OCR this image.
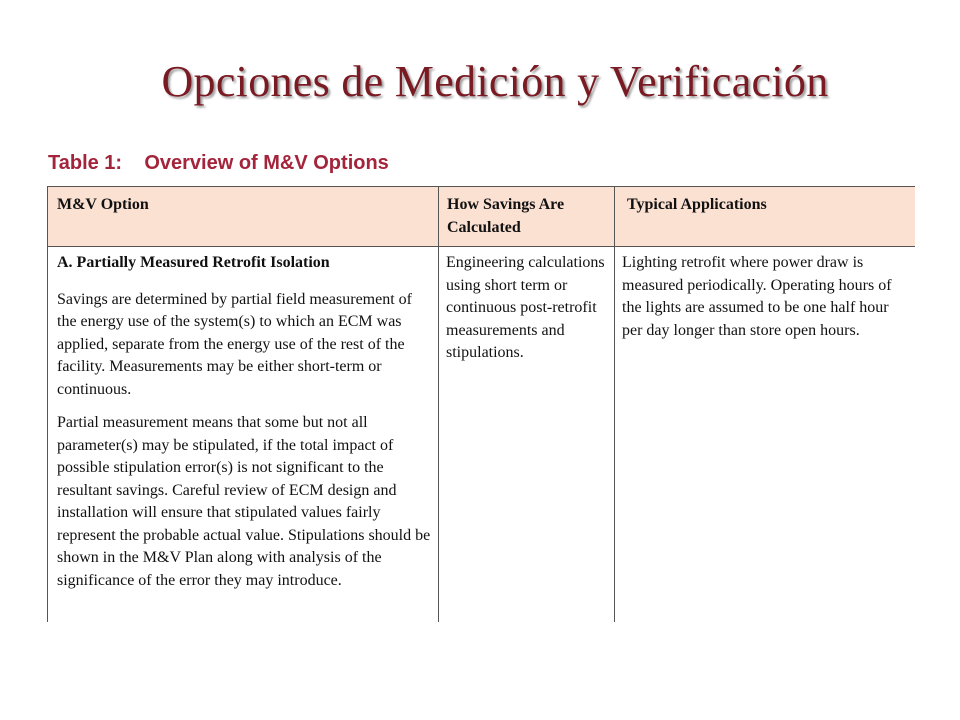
Opciones de Medición y Verificación
Table 1:    Overview of M&V Options
M&V Option	How Savings Are Calculated	Typical Applications

A. Partially Measured Retrofit Isolation
Savings are determined by partial field measurement of the energy use of the system(s) to which an ECM was applied, separate from the energy use of the rest of the facility. Measurements may be either short-term or continuous.
Partial measurement means that some but not all parameter(s) may be stipulated, if the total impact of possible stipulation error(s) is not significant to the resultant savings. Careful review of ECM design and installation will ensure that stipulated values fairly represent the probable actual value. Stipulations should be shown in the M&V Plan along with analysis of the significance of the error they may introduce.	Engineering calculations using short term or continuous post-retrofit measurements and stipulations.	Lighting retrofit where power draw is measured periodically. Operating hours of the lights are assumed to be one half hour per day longer than store open hours.
